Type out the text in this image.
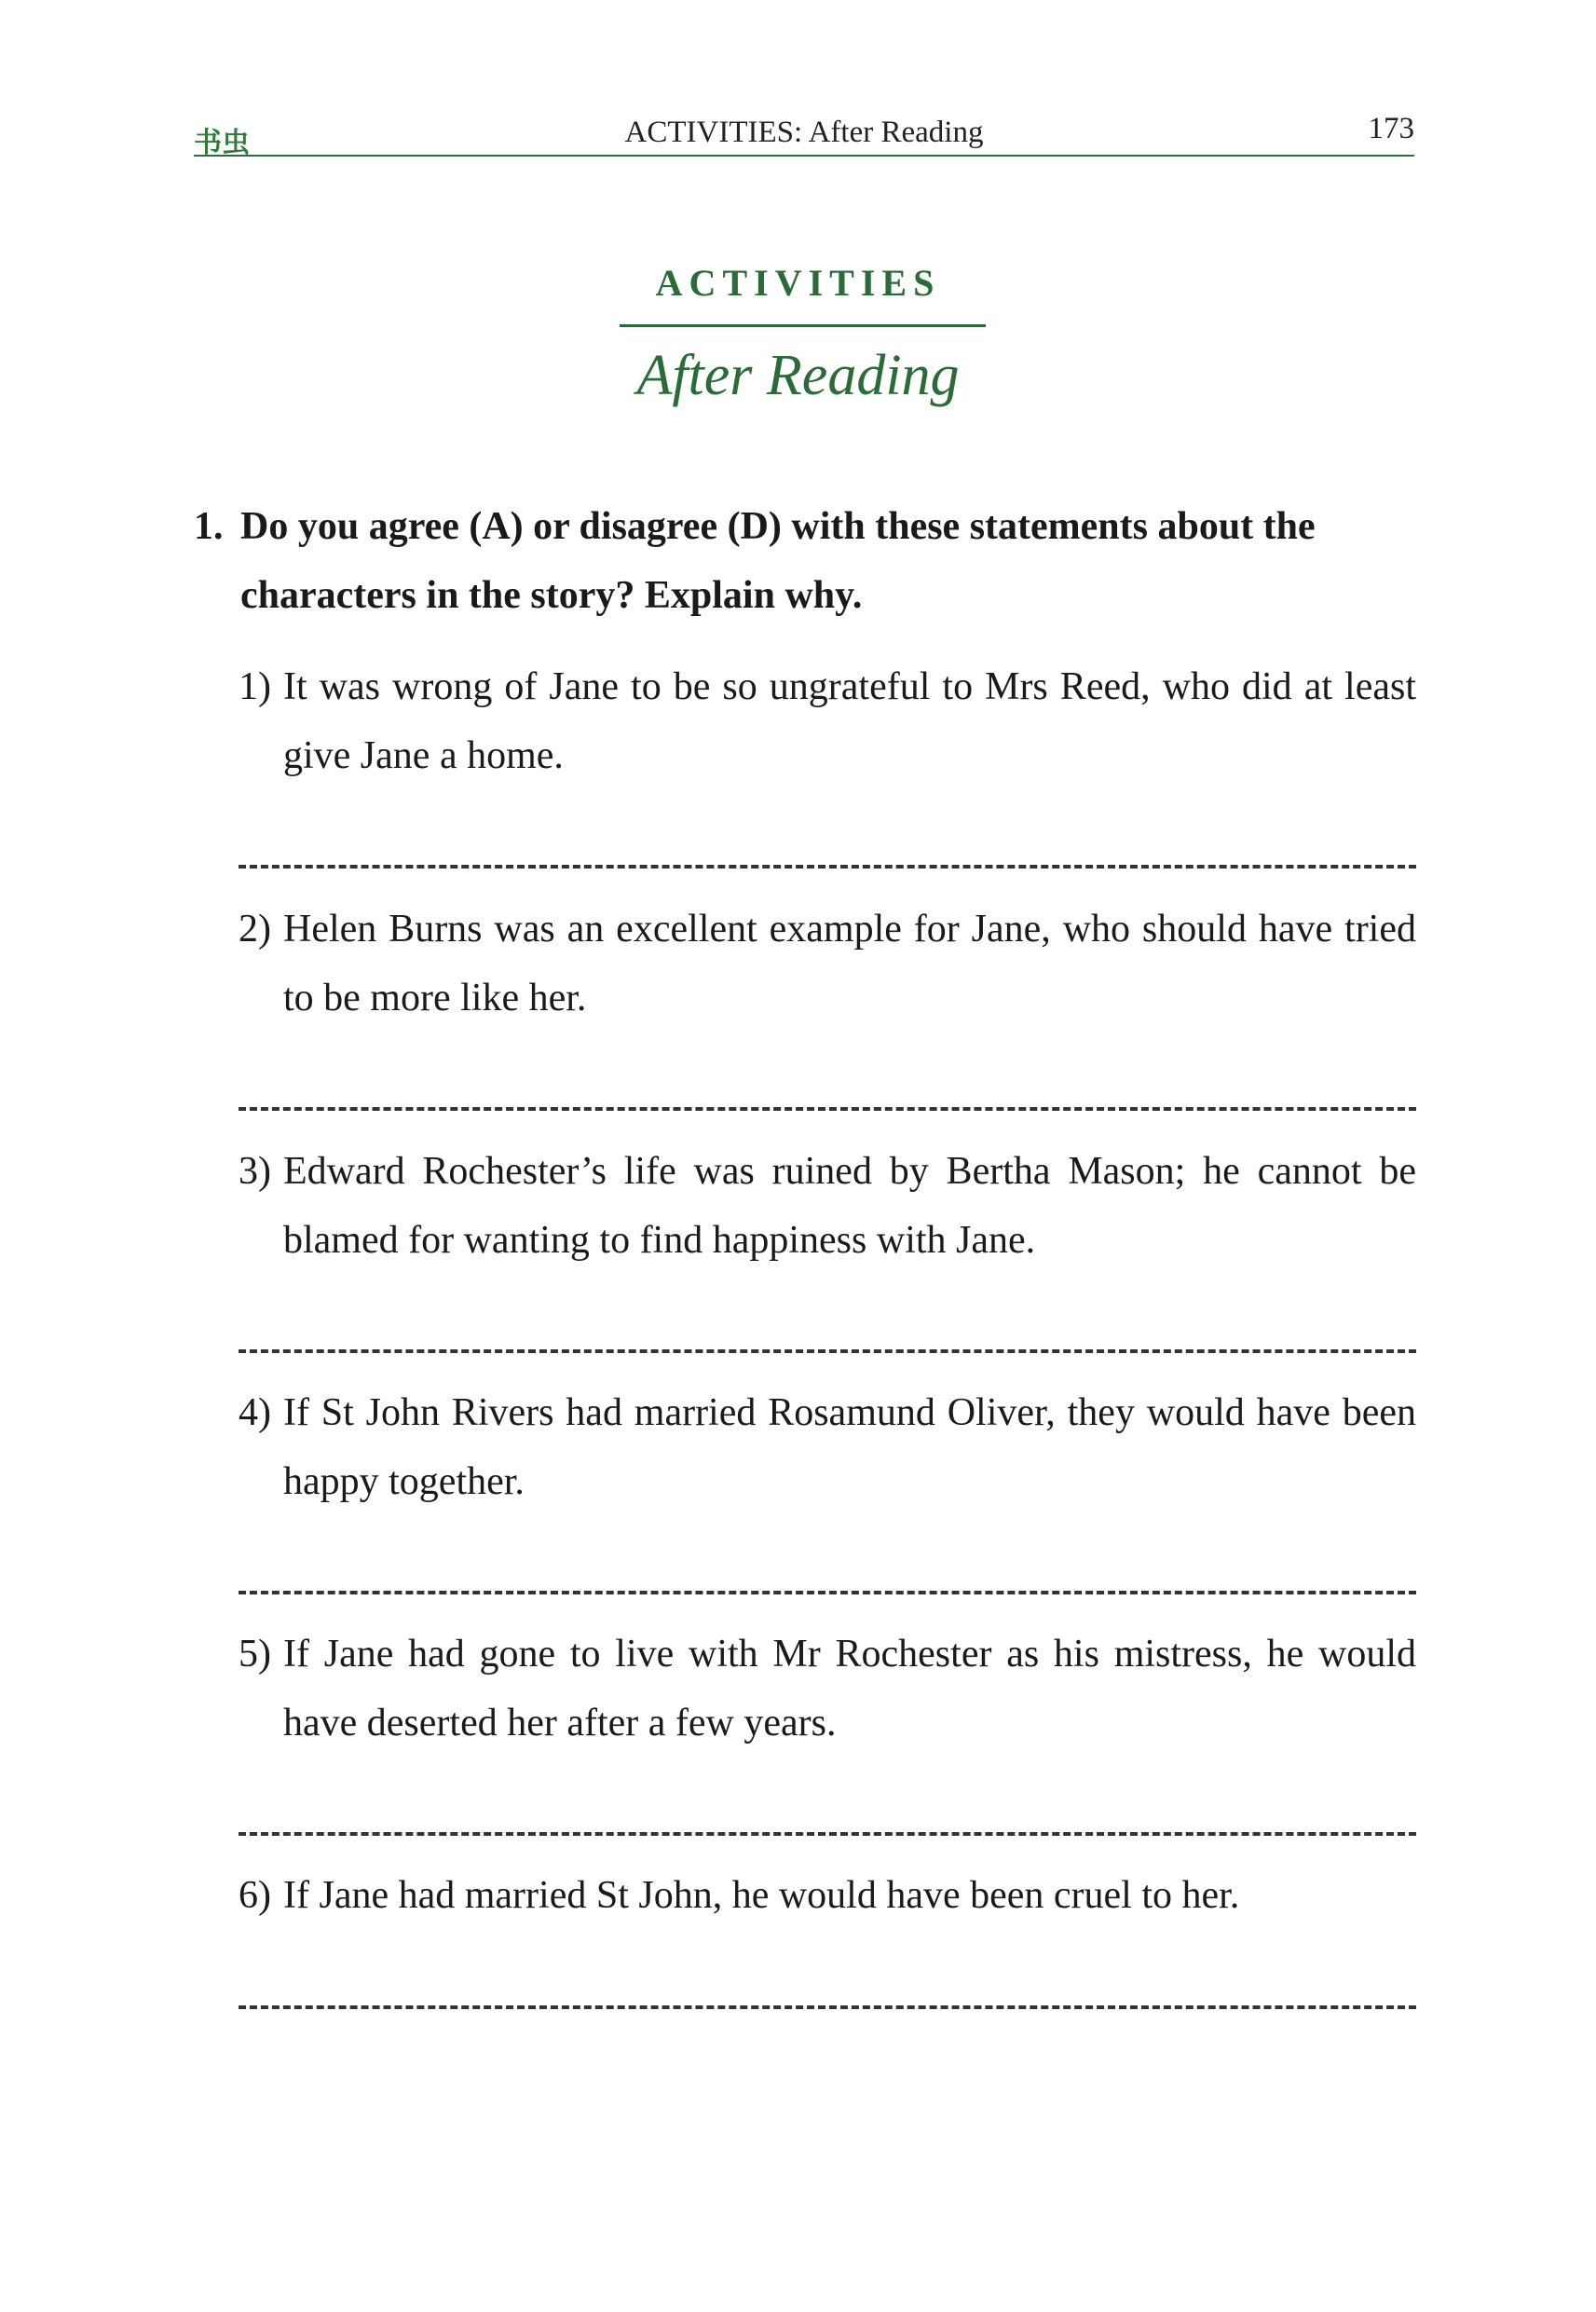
书虫	ACTIVITIES: After Reading	173
ACTIVITIES
After Reading
1. Do you agree (A) or disagree (D) with these statements about the characters in the story? Explain why.
1) It was wrong of Jane to be so ungrateful to Mrs Reed, who did at least give Jane a home.
2) Helen Burns was an excellent example for Jane, who should have tried to be more like her.
3) Edward Rochester’s life was ruined by Bertha Mason; he cannot be blamed for wanting to find happiness with Jane.
4) If St John Rivers had married Rosamund Oliver, they would have been happy together.
5) If Jane had gone to live with Mr Rochester as his mistress, he would have deserted her after a few years.
6) If Jane had married St John, he would have been cruel to her.
